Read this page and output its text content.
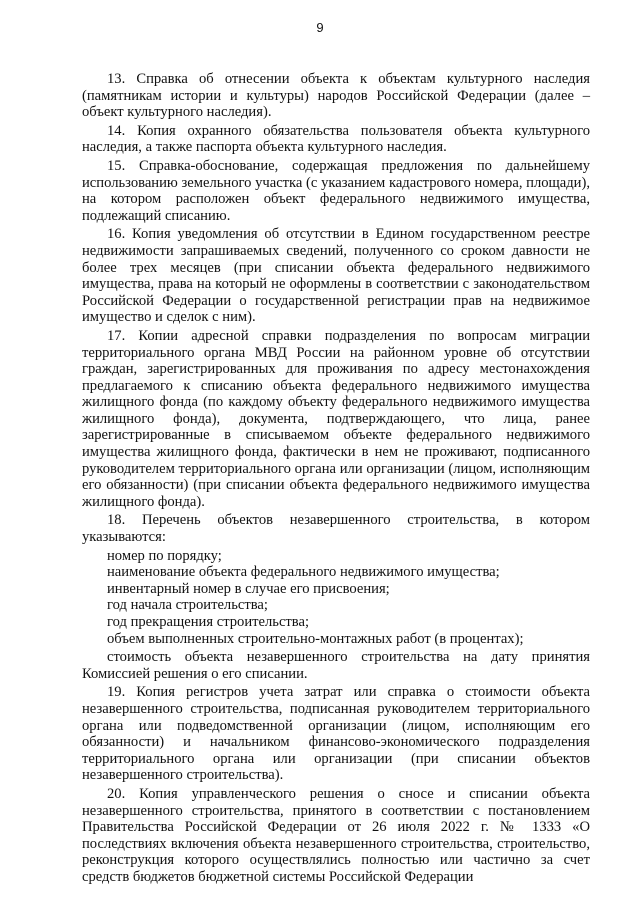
9

13. Справка об отнесении объекта к объектам культурного наследия (памятникам истории и культуры) народов Российской Федерации (далее – объект культурного наследия).

14. Копия охранного обязательства пользователя объекта культурного наследия, а также паспорта объекта культурного наследия.

15. Справка-обоснование, содержащая предложения по дальнейшему использованию земельного участка (с указанием кадастрового номера, площади), на котором расположен объект федерального недвижимого имущества, подлежащий списанию.

16. Копия уведомления об отсутствии в Едином государственном реестре недвижимости запрашиваемых сведений, полученного со сроком давности не более трех месяцев (при списании объекта федерального недвижимого имущества, права на который не оформлены в соответствии с законодательством Российской Федерации о государственной регистрации прав на недвижимое имущество и сделок с ним).

17. Копии адресной справки подразделения по вопросам миграции территориального органа МВД России на районном уровне об отсутствии граждан, зарегистрированных для проживания по адресу местонахождения предлагаемого к списанию объекта федерального недвижимого имущества жилищного фонда (по каждому объекту федерального недвижимого имущества жилищного фонда), документа, подтверждающего, что лица, ранее зарегистрированные в списываемом объекте федерального недвижимого имущества жилищного фонда, фактически в нем не проживают, подписанного руководителем территориального органа или организации (лицом, исполняющим его обязанности) (при списании объекта федерального недвижимого имущества жилищного фонда).

18. Перечень объектов незавершенного строительства, в котором указываются:

номер по порядку;
наименование объекта федерального недвижимого имущества;
инвентарный номер в случае его присвоения;
год начала строительства;
год прекращения строительства;
объем выполненных строительно-монтажных работ (в процентах);

стоимость объекта незавершенного строительства на дату принятия Комиссией решения о его списании.

19. Копия регистров учета затрат или справка о стоимости объекта незавершенного строительства, подписанная руководителем территориального органа или подведомственной организации (лицом, исполняющим его обязанности) и начальником финансово-экономического подразделения территориального органа или организации (при списании объектов незавершенного строительства).

20. Копия управленческого решения о сносе и списании объекта незавершенного строительства, принятого в соответствии с постановлением Правительства Российской Федерации от 26 июля 2022 г. № 1333 «О последствиях включения объекта незавершенного строительства, строительство, реконструкция которого осуществлялись полностью или частично за счет средств бюджетов бюджетной системы Российской Федерации
